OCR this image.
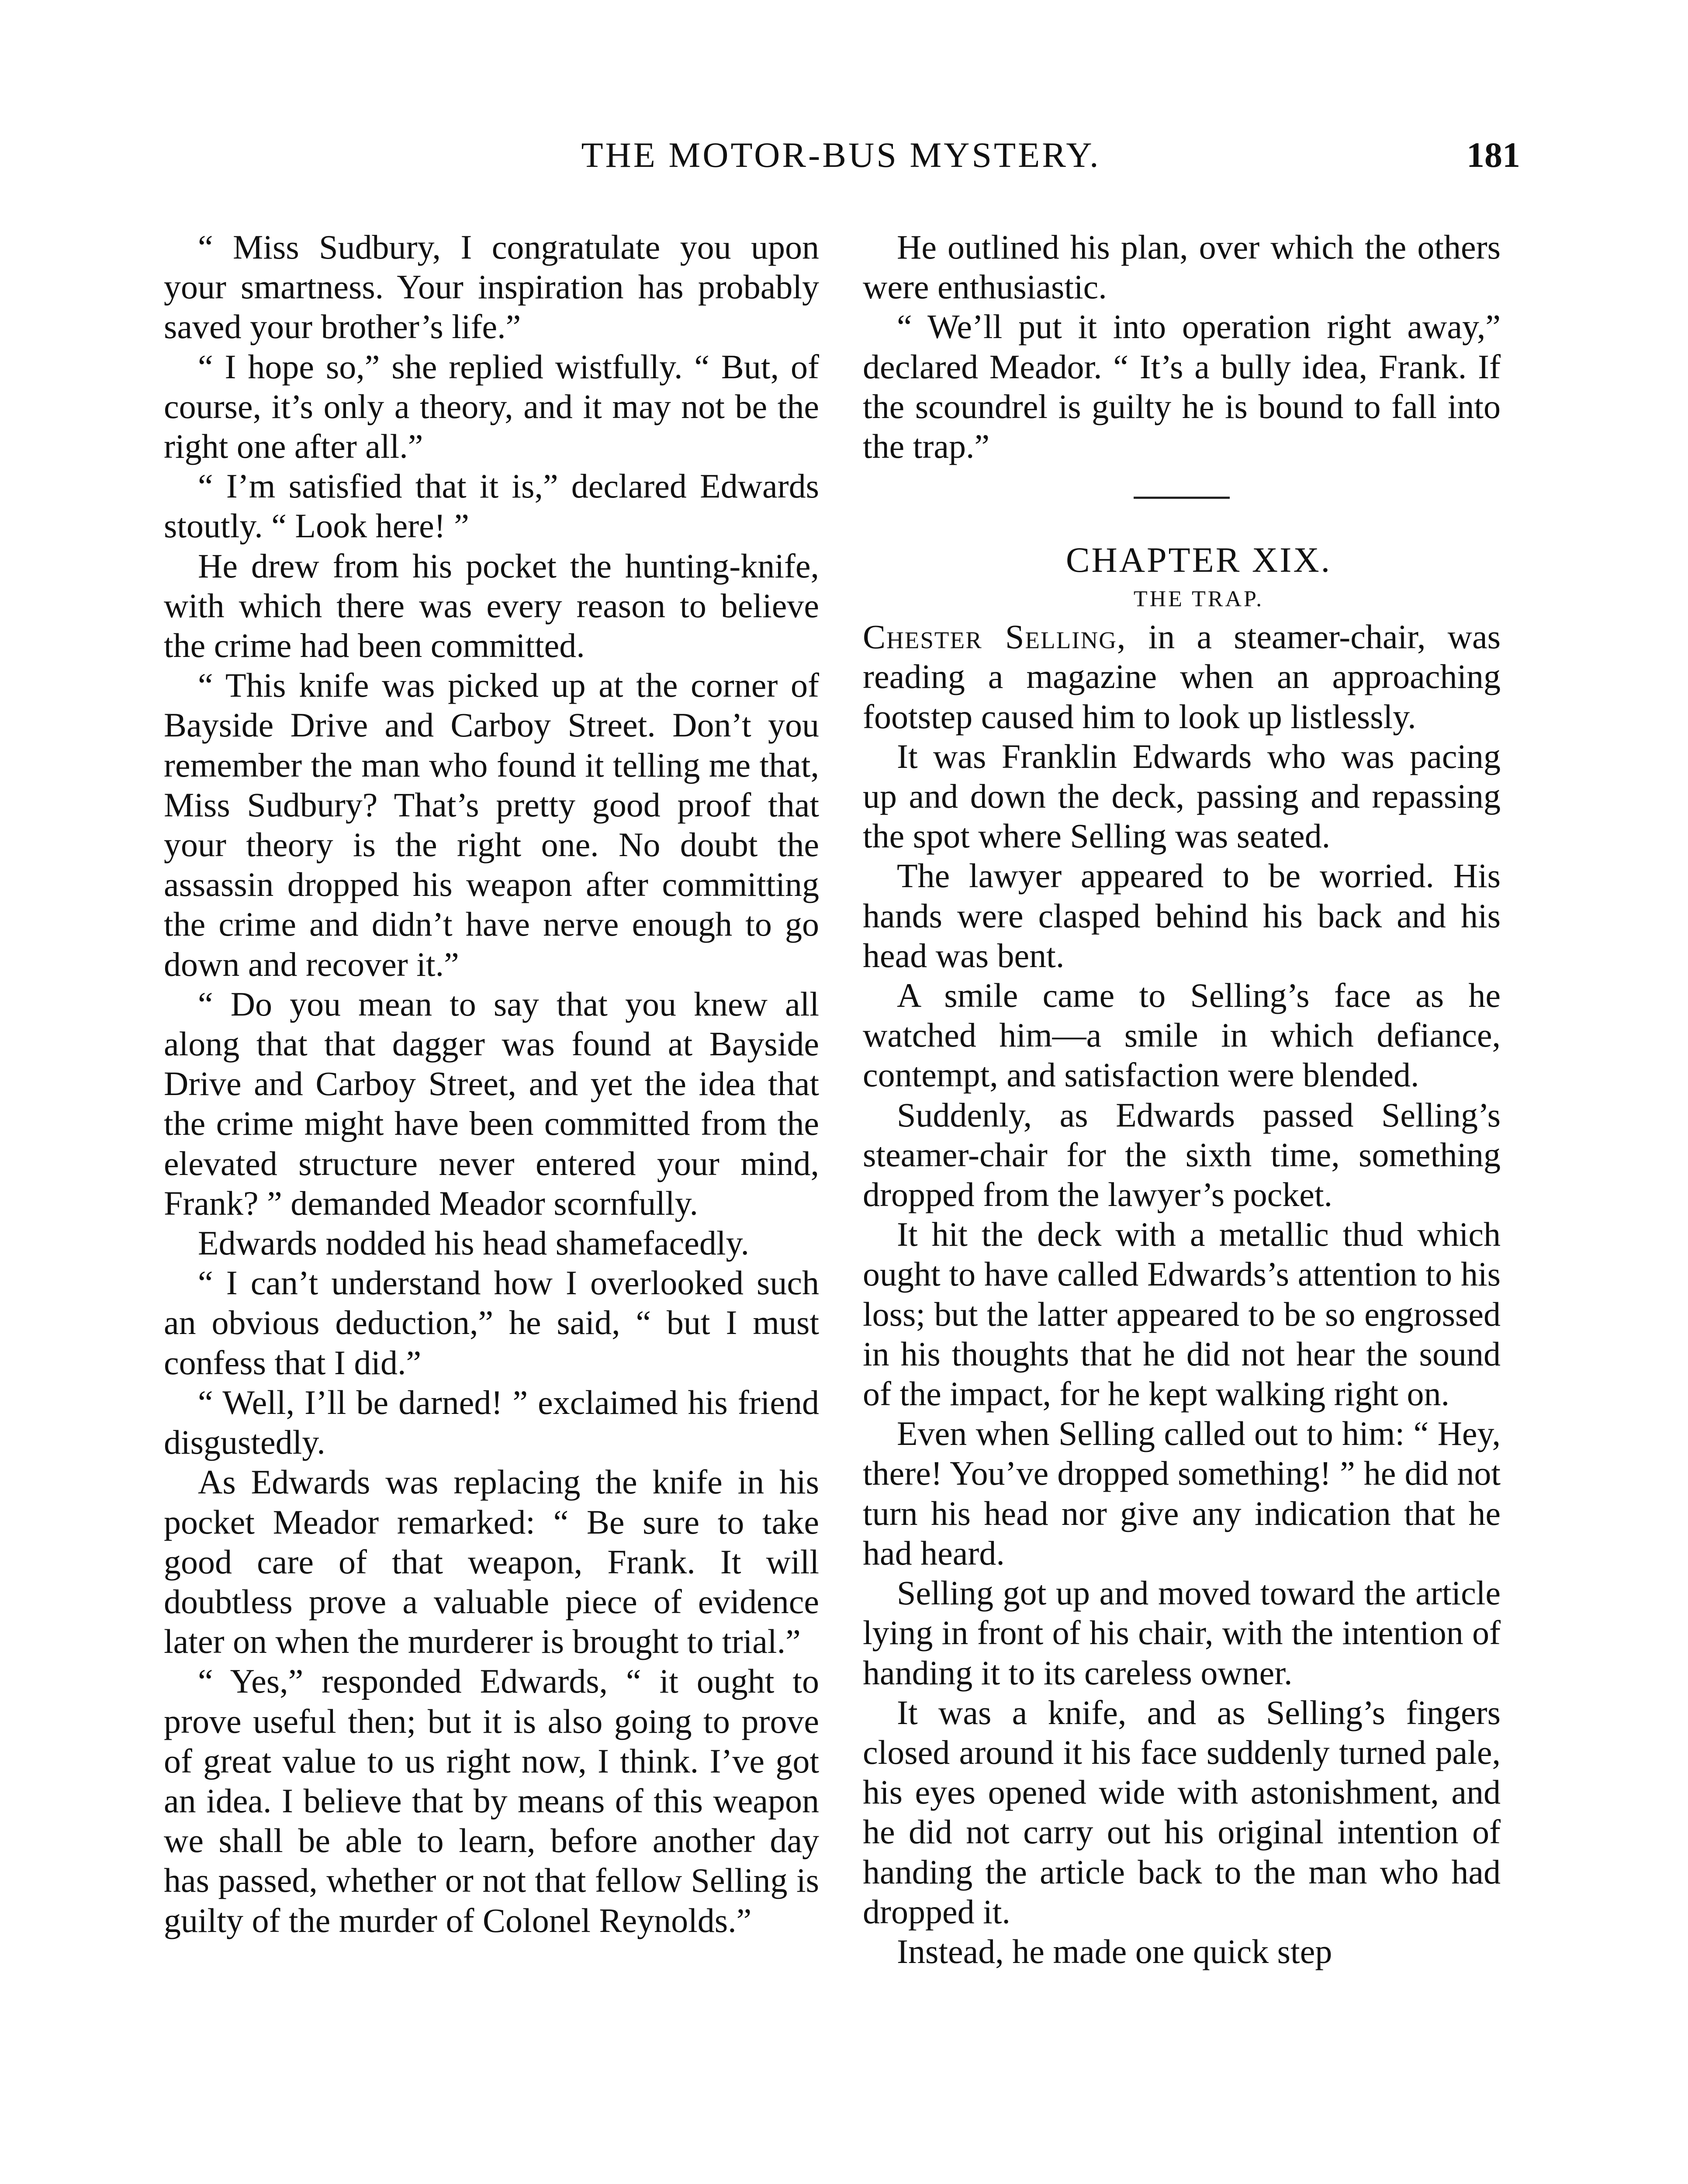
THE MOTOR-BUS MYSTERY.	181

“ Miss Sudbury, I congratulate you upon your smartness. Your inspiration has probably saved your brother’s life.”

“ I hope so,” she replied wistfully. “ But, of course, it’s only a theory, and it may not be the right one after all.”

“ I’m satisfied that it is,” declared Edwards stoutly. “ Look here! ”

He drew from his pocket the hunting-knife, with which there was every reason to believe the crime had been committed.

“ This knife was picked up at the corner of Bayside Drive and Carboy Street. Don’t you remember the man who found it telling me that, Miss Sudbury? That’s pretty good proof that your theory is the right one. No doubt the assassin dropped his weapon after committing the crime and didn’t have nerve enough to go down and recover it.”

“ Do you mean to say that you knew all along that that dagger was found at Bayside Drive and Carboy Street, and yet the idea that the crime might have been committed from the elevated structure never entered your mind, Frank? ” demanded Meador scornfully.

Edwards nodded his head shamefacedly.

“ I can’t understand how I overlooked such an obvious deduction,” he said, “ but I must confess that I did.”

“ Well, I’ll be darned! ” exclaimed his friend disgustedly.

As Edwards was replacing the knife in his pocket Meador remarked: “ Be sure to take good care of that weapon, Frank. It will doubtless prove a valuable piece of evidence later on when the murderer is brought to trial.”

“ Yes,” responded Edwards, “ it ought to prove useful then; but it is also going to prove of great value to us right now, I think. I’ve got an idea. I believe that by means of this weapon we shall be able to learn, before another day has passed, whether or not that fellow Selling is guilty of the murder of Colonel Reynolds.”

He outlined his plan, over which the others were enthusiastic.

“ We’ll put it into operation right away,” declared Meador. “ It’s a bully idea, Frank. If the scoundrel is guilty he is bound to fall into the trap.”

CHAPTER XIX.

THE TRAP.

Chester Selling, in a steamer-chair, was reading a magazine when an approaching footstep caused him to look up listlessly.

It was Franklin Edwards who was pacing up and down the deck, passing and repassing the spot where Selling was seated.

The lawyer appeared to be worried. His hands were clasped behind his back and his head was bent.

A smile came to Selling’s face as he watched him—a smile in which defiance, contempt, and satisfaction were blended.

Suddenly, as Edwards passed Selling’s steamer-chair for the sixth time, something dropped from the lawyer’s pocket.

It hit the deck with a metallic thud which ought to have called Edwards’s attention to his loss; but the latter appeared to be so engrossed in his thoughts that he did not hear the sound of the impact, for he kept walking right on.

Even when Selling called out to him: “ Hey, there! You’ve dropped something! ” he did not turn his head nor give any indication that he had heard.

Selling got up and moved toward the article lying in front of his chair, with the intention of handing it to its careless owner.

It was a knife, and as Selling’s fingers closed around it his face suddenly turned pale, his eyes opened wide with astonishment, and he did not carry out his original intention of handing the article back to the man who had dropped it.

Instead, he made one quick step
